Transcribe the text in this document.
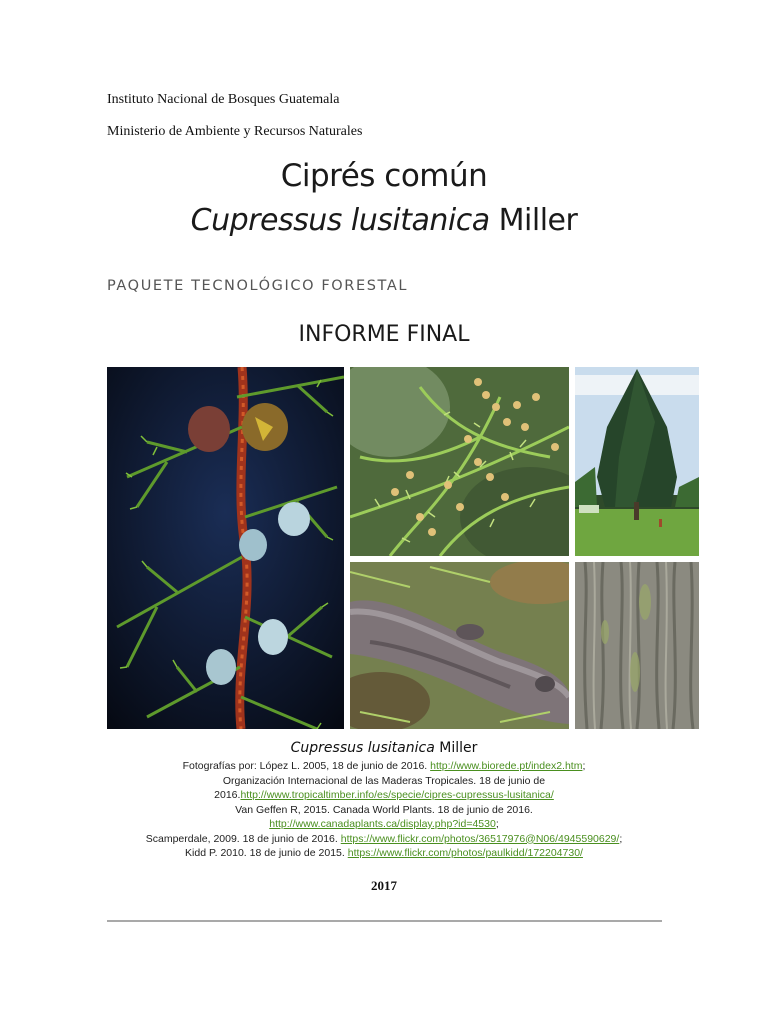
Instituto Nacional de Bosques Guatemala
Ministerio de Ambiente y Recursos Naturales
Ciprés común
Cupressus lusitanica Miller
PAQUETE TECNOLÓGICO FORESTAL
INFORME FINAL
Cupressus lusitanica Miller
Fotografías por: López L. 2005, 18 de junio de 2016. http://www.biorede.pt/index2.htm;
Organización Internacional de las Maderas Tropicales. 18 de junio de
2016.http://www.tropicaltimber.info/es/specie/cipres-cupressus-lusitanica/
Van Geffen R, 2015. Canada World Plants. 18 de junio de 2016.
http://www.canadaplants.ca/display.php?id=4530;
Scamperdale, 2009. 18 de junio de 2016. https://www.flickr.com/photos/36517976@N06/4945590629/;
Kidd P. 2010. 18 de junio de 2015. https://www.flickr.com/photos/paulkidd/172204730/
2017
